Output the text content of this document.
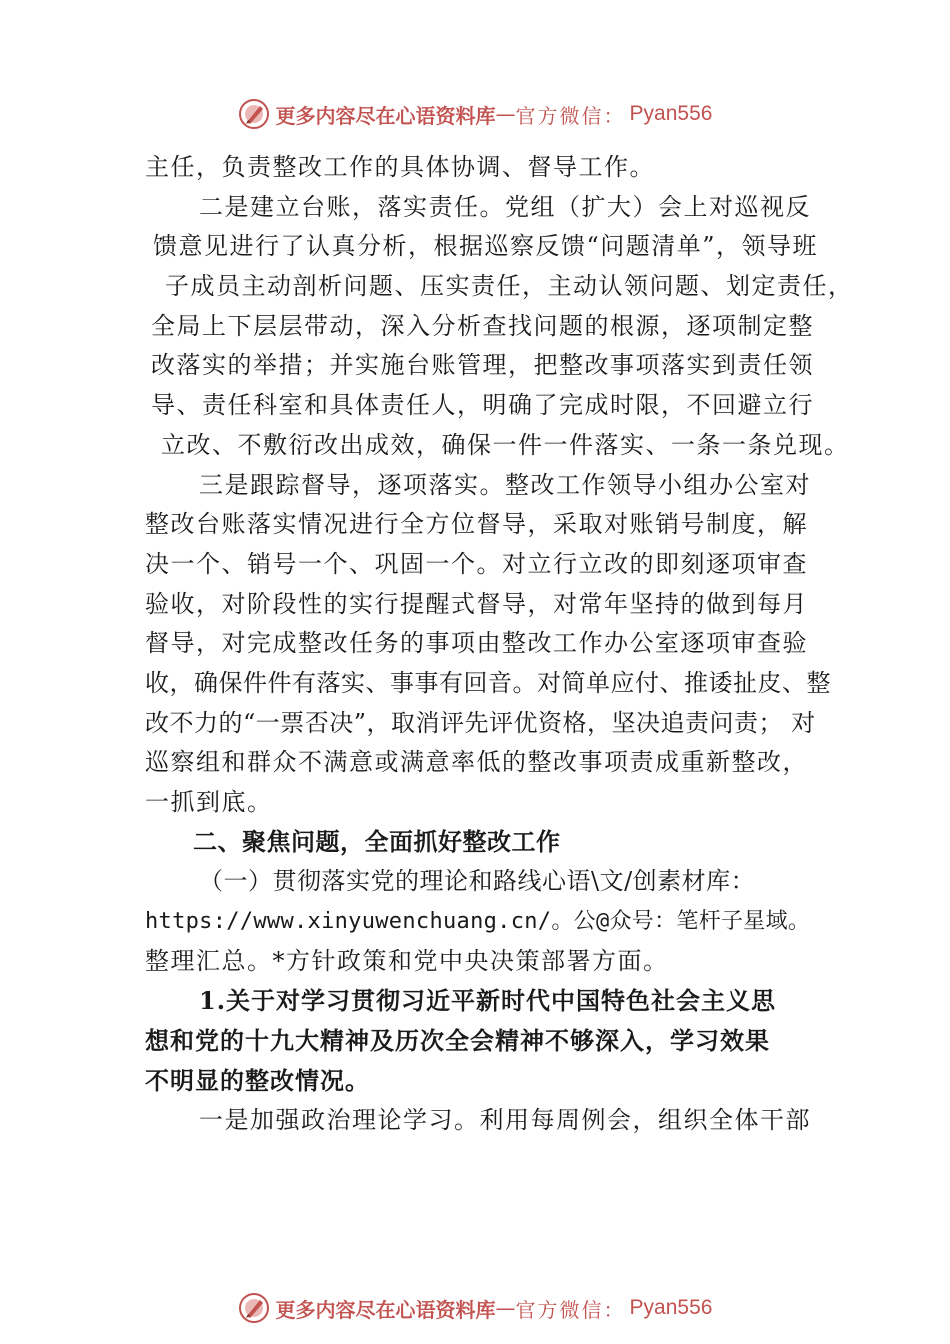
更多内容尽在心语资料库 — 官方微信： Pyan556
主任，负责整改工作的具体协调、督导工作。
二是建立台账，落实责任。党组（扩大）会上对巡视反
馈意见进行了认真分析，根据巡察反馈“问题清单”，领导班
子成员主动剖析问题、压实责任，主动认领问题、划定责任，
全局上下层层带动，深入分析查找问题的根源，逐项制定整
改落实的举措；并实施台账管理，把整改事项落实到责任领
导、责任科室和具体责任人，明确了完成时限，不回避立行
立改、不敷衍改出成效，确保一件一件落实、一条一条兑现。
三是跟踪督导，逐项落实。整改工作领导小组办公室对
整改台账落实情况进行全方位督导，采取对账销号制度，解
决一个、销号一个、巩固一个。对立行立改的即刻逐项审查
验收，对阶段性的实行提醒式督导，对常年坚持的做到每月
督导，对完成整改任务的事项由整改工作办公室逐项审查验
收，确保件件有落实、事事有回音。对简单应付、推诿扯皮、整
改不力的“一票否决”，取消评先评优资格，坚决追责问责； 对
巡察组和群众不满意或满意率低的整改事项责成重新整改，
一抓到底。
二、聚焦问题，全面抓好整改工作
（一）贯彻落实党的理论和路线心语\文/创素材库：
https://www.xinyuwenchuang.cn/。公@众号：笔杆子星域。
整理汇总。*方针政策和党中央决策部署方面。
1.关于对学习贯彻习近平新时代中国特色社会主义思
想和党的十九大精神及历次全会精神不够深入，学习效果
不明显的整改情况。
一是加强政治理论学习。利用每周例会，组织全体干部
更多内容尽在心语资料库 — 官方微信： Pyan556
